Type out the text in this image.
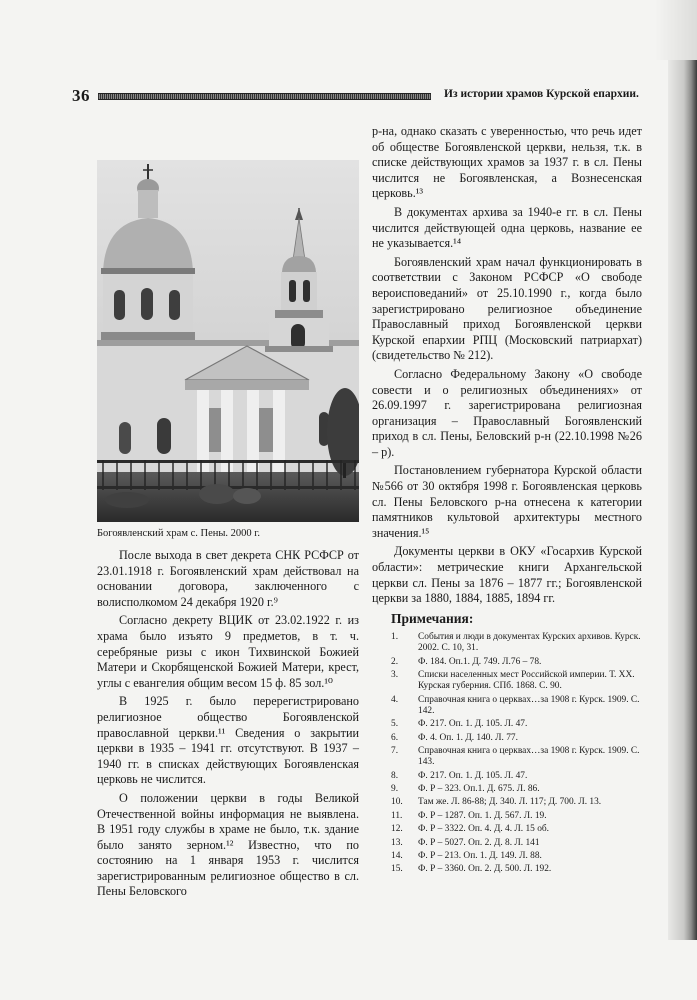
36	Из истории храмов Курской епархии.
Богоявленский храм с. Пены. 2000 г.

После выхода в свет декрета СНК РСФСР от 23.01.1918 г. Богоявленский храм действовал на основании договора, заключенного с волисполкомом 24 декабря 1920 г.⁹

Согласно декрету ВЦИК от 23.02.1922 г. из храма было изъято 9 предметов, в т. ч. серебряные ризы с икон Тихвинской Божией Матери и Скорбященской Божией Матери, крест, углы с евангелия общим весом 15 ф. 85 зол.¹⁰

В 1925 г. было перерегистрировано религиозное общество Богоявленской православной церкви.¹¹ Сведения о закрытии церкви в 1935 – 1941 гг. отсутствуют. В 1937 – 1940 гг. в списках действующих Богоявленская церковь не числится.

О положении церкви в годы Великой Отечественной войны информация не выявлена. В 1951 году службы в храме не было, т.к. здание было занято зерном.¹² Известно, что по состоянию на 1 января 1953 г. числится зарегистрированным религиозное общество в сл. Пены Беловского

р-на, однако сказать с уверенностью, что речь идет об обществе Богоявленской церкви, нельзя, т.к. в списке действующих храмов за 1937 г. в сл. Пены числится не Богоявленская, а Вознесенская церковь.¹³

В документах архива за 1940-е гг. в сл. Пены числится действующей одна церковь, название ее не указывается.¹⁴

Богоявленский храм начал функционировать в соответствии с Законом РСФСР «О свободе вероисповеданий» от 25.10.1990 г., когда было зарегистрировано религиозное объединение Православный приход Богоявленской церкви Курской епархии РПЦ (Московский патриархат) (свидетельство № 212).

Согласно Федеральному Закону «О свободе совести и о религиозных объединениях» от 26.09.1997 г. зарегистрирована религиозная организация – Православный Богоявленский приход в сл. Пены, Беловский р-н (22.10.1998 №26 – р).

Постановлением губернатора Курской области №566 от 30 октября 1998 г. Богоявленская церковь сл. Пены Беловского р-на отнесена к категории памятников культовой архитектуры местного значения.¹⁵

Документы церкви в ОКУ «Госархив Курской области»: метрические книги Архангельской церкви сл. Пены за 1876 – 1877 гг.; Богоявленской церкви за 1880, 1884, 1885, 1894 гг.

Примечания:
1.	События и люди в документах Курских архивов. Курск. 2002. С. 10, 31.
2.	Ф. 184. Оп.1. Д. 749. Л.76 – 78.
3.	Списки населенных мест Российской империи. Т. XX. Курская губерния. СПб. 1868. С. 90.
4.	Справочная книга о церквах…за 1908 г. Курск. 1909. С. 142.
5.	Ф. 217. Оп. 1. Д. 105. Л. 47.
6.	Ф. 4. Оп. 1. Д. 140. Л. 77.
7.	Справочная книга о церквах…за 1908 г. Курск. 1909. С. 143.
8.	Ф. 217. Оп. 1. Д. 105. Л. 47.
9.	Ф. Р – 323. Оп.1. Д. 675. Л. 86.
10.	Там же. Л. 86-88; Д. 340. Л. 117; Д. 700. Л. 13.
11.	Ф. Р – 1287. Оп. 1. Д. 567. Л. 19.
12.	Ф. Р – 3322. Оп. 4. Д. 4. Л. 15 об.
13.	Ф. Р – 5027. Оп. 2. Д. 8. Л. 141
14.	Ф. Р – 213. Оп. 1. Д. 149. Л. 88.
15.	Ф. Р – 3360. Оп. 2. Д. 500. Л. 192.
